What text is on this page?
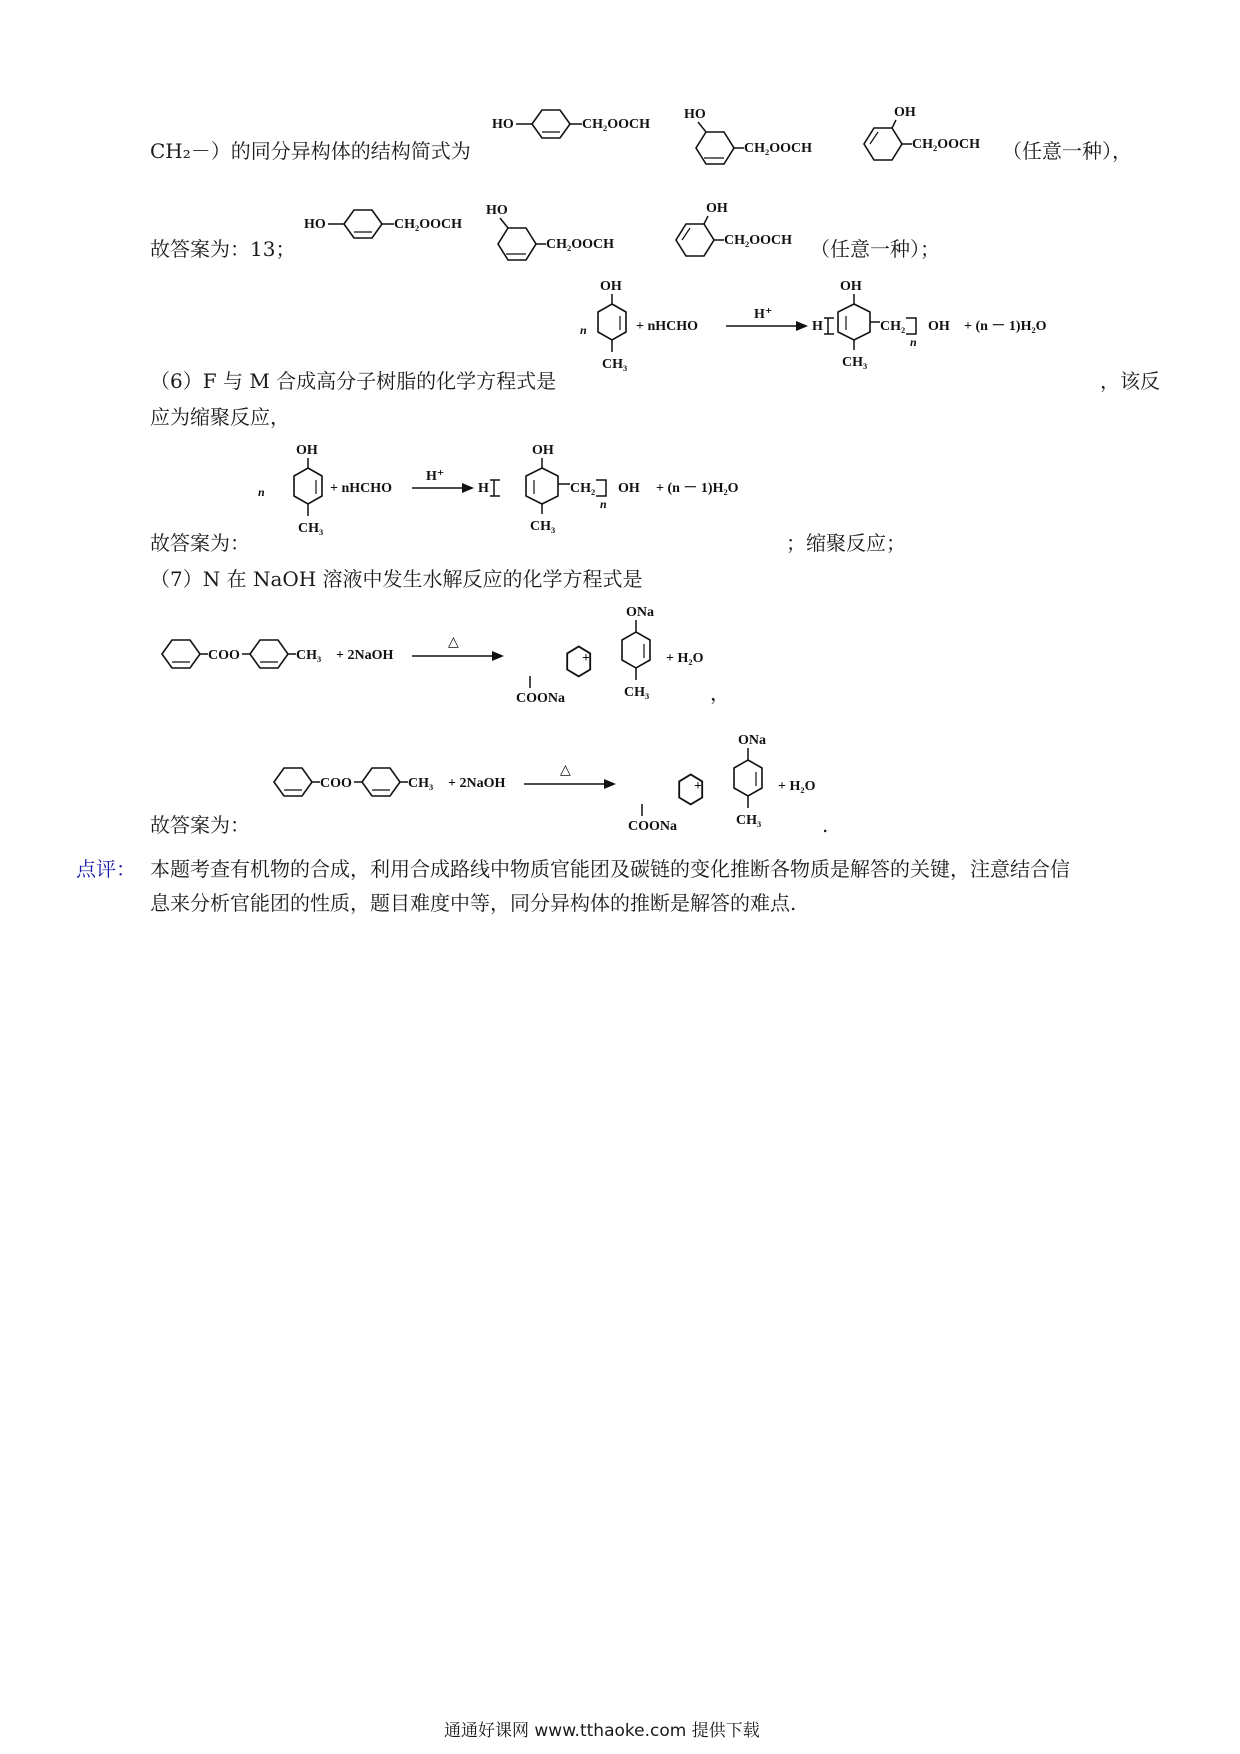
CH₂－）的同分异构体的结构简式为
HO	CH₂OOCH
HO
CH₂OOCH
OH
CH₂OOCH （任意一种），
故答案为：13；
HO	CH₂OOCH
HO
CH₂OOCH
OH
CH₂OOCH （任意一种）；
n
OH
CH₃
+ nHCHO
H⁺
H
OH
CH₃
CH₂
n
OH + (n － 1)H₂O
（6）F 与 M 合成高分子树脂的化学方程式是	，该反
应为缩聚反应，
n
OH
CH₃
+ nHCHO
H⁺
H
OH
CH₃
CH₂
n
OH + (n － 1)H₂O
故答案为：	；缩聚反应；
（7）N 在 NaOH 溶液中发生水解反应的化学方程式是
COO	CH₃ + 2NaOH
△
COONa
+
ONa
CH₃
+ H₂O
，
COO	CH₃ + 2NaOH
△
COONa
+
ONa
CH₃
+ H₂O
故答案为：	.
点评： 本题考查有机物的合成，利用合成路线中物质官能团及碳链的变化推断各物质是解答的关键，注意结合信
息来分析官能团的性质，题目难度中等，同分异构体的推断是解答的难点.
通通好课网 www.tthaoke.com 提供下载
